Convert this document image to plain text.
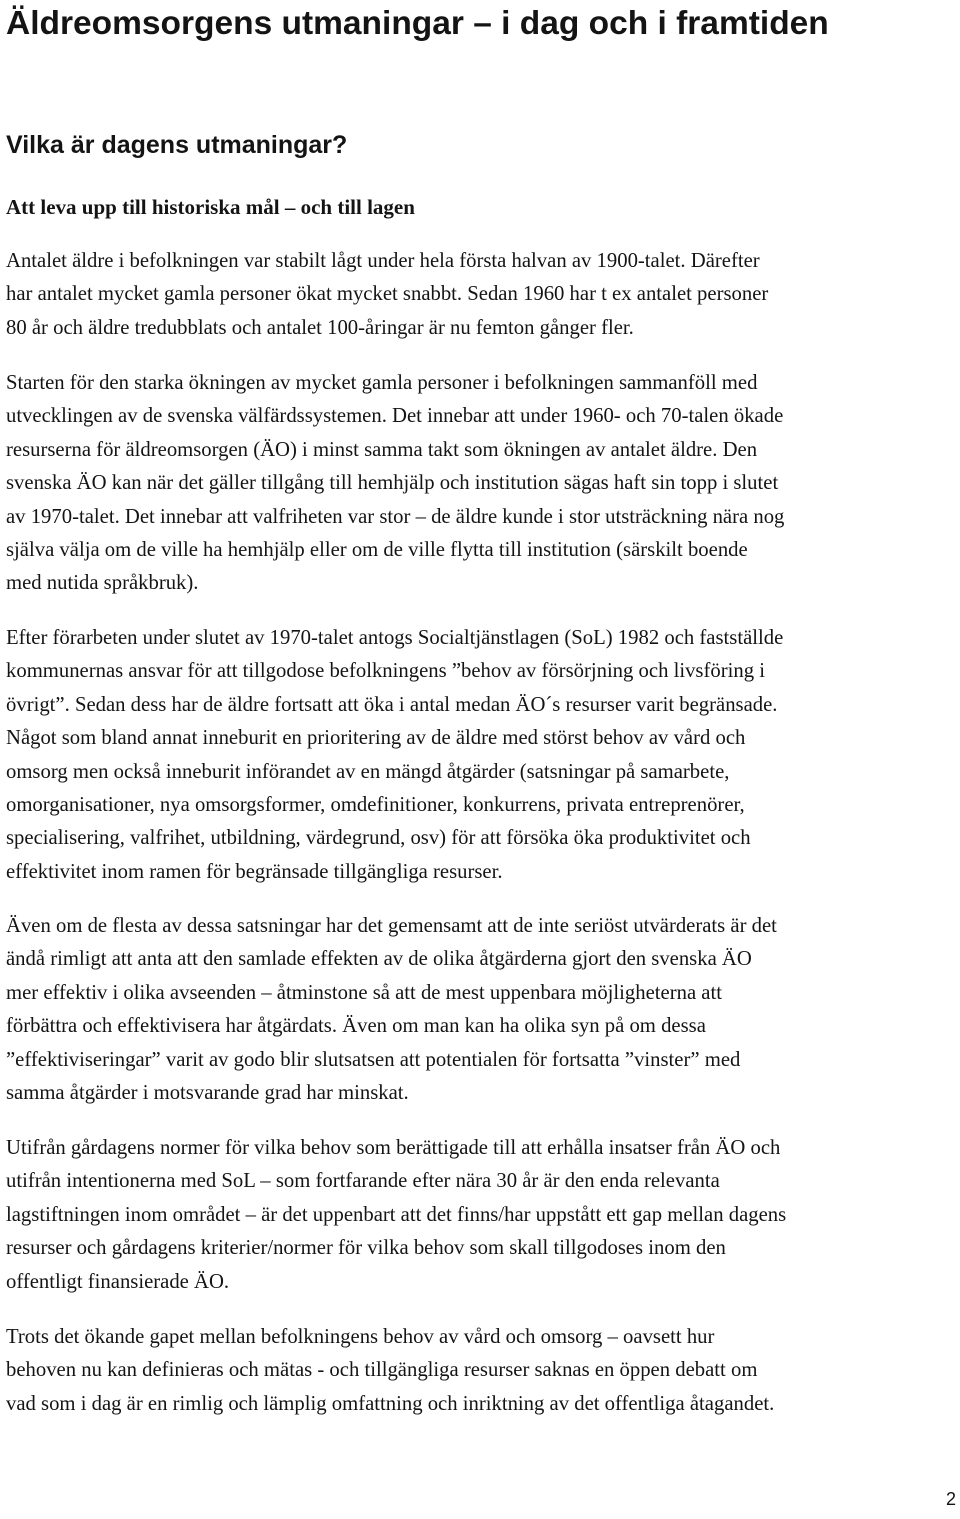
Äldreomsorgens utmaningar – i dag och i framtiden
Vilka är dagens utmaningar?
Att leva upp till historiska mål – och till lagen

Antalet äldre i befolkningen var stabilt lågt under hela första halvan av 1900-talet. Därefter
har antalet mycket gamla personer ökat mycket snabbt. Sedan 1960 har t ex antalet personer
80 år och äldre tredubblats och antalet 100-åringar är nu femton gånger fler.

Starten för den starka ökningen av mycket gamla personer i befolkningen sammanföll med
utvecklingen av de svenska välfärdssystemen. Det innebar att under 1960- och 70-talen ökade
resurserna för äldreomsorgen (ÄO) i minst samma takt som ökningen av antalet äldre. Den
svenska ÄO kan när det gäller tillgång till hemhjälp och institution sägas haft sin topp i slutet
av 1970-talet. Det innebar att valfriheten var stor – de äldre kunde i stor utsträckning nära nog
själva välja om de ville ha hemhjälp eller om de ville flytta till institution (särskilt boende
med nutida språkbruk).

Efter förarbeten under slutet av 1970-talet antogs Socialtjänstlagen (SoL) 1982 och fastställde
kommunernas ansvar för att tillgodose befolkningens ”behov av försörjning och livsföring i
övrigt”. Sedan dess har de äldre fortsatt att öka i antal medan ÄO´s resurser varit begränsade.
Något som bland annat inneburit en prioritering av de äldre med störst behov av vård och
omsorg men också inneburit införandet av en mängd åtgärder (satsningar på samarbete,
omorganisationer, nya omsorgsformer, omdefinitioner, konkurrens, privata entreprenörer,
specialisering, valfrihet, utbildning, värdegrund, osv) för att försöka öka produktivitet och
effektivitet inom ramen för begränsade tillgängliga resurser.

Även om de flesta av dessa satsningar har det gemensamt att de inte seriöst utvärderats är det
ändå rimligt att anta att den samlade effekten av de olika åtgärderna gjort den svenska ÄO
mer effektiv i olika avseenden – åtminstone så att de mest uppenbara möjligheterna att
förbättra och effektivisera har åtgärdats. Även om man kan ha olika syn på om dessa
”effektiviseringar” varit av godo blir slutsatsen att potentialen för fortsatta ”vinster” med
samma åtgärder i motsvarande grad har minskat.

Utifrån gårdagens normer för vilka behov som berättigade till att erhålla insatser från ÄO och
utifrån intentionerna med SoL – som fortfarande efter nära 30 år är den enda relevanta
lagstiftningen inom området – är det uppenbart att det finns/har uppstått ett gap mellan dagens
resurser och gårdagens kriterier/normer för vilka behov som skall tillgodoses inom den
offentligt finansierade ÄO.

Trots det ökande gapet mellan befolkningens behov av vård och omsorg – oavsett hur
behoven nu kan definieras och mätas - och tillgängliga resurser saknas en öppen debatt om
vad som i dag är en rimlig och lämplig omfattning och inriktning av det offentliga åtagandet.

2
